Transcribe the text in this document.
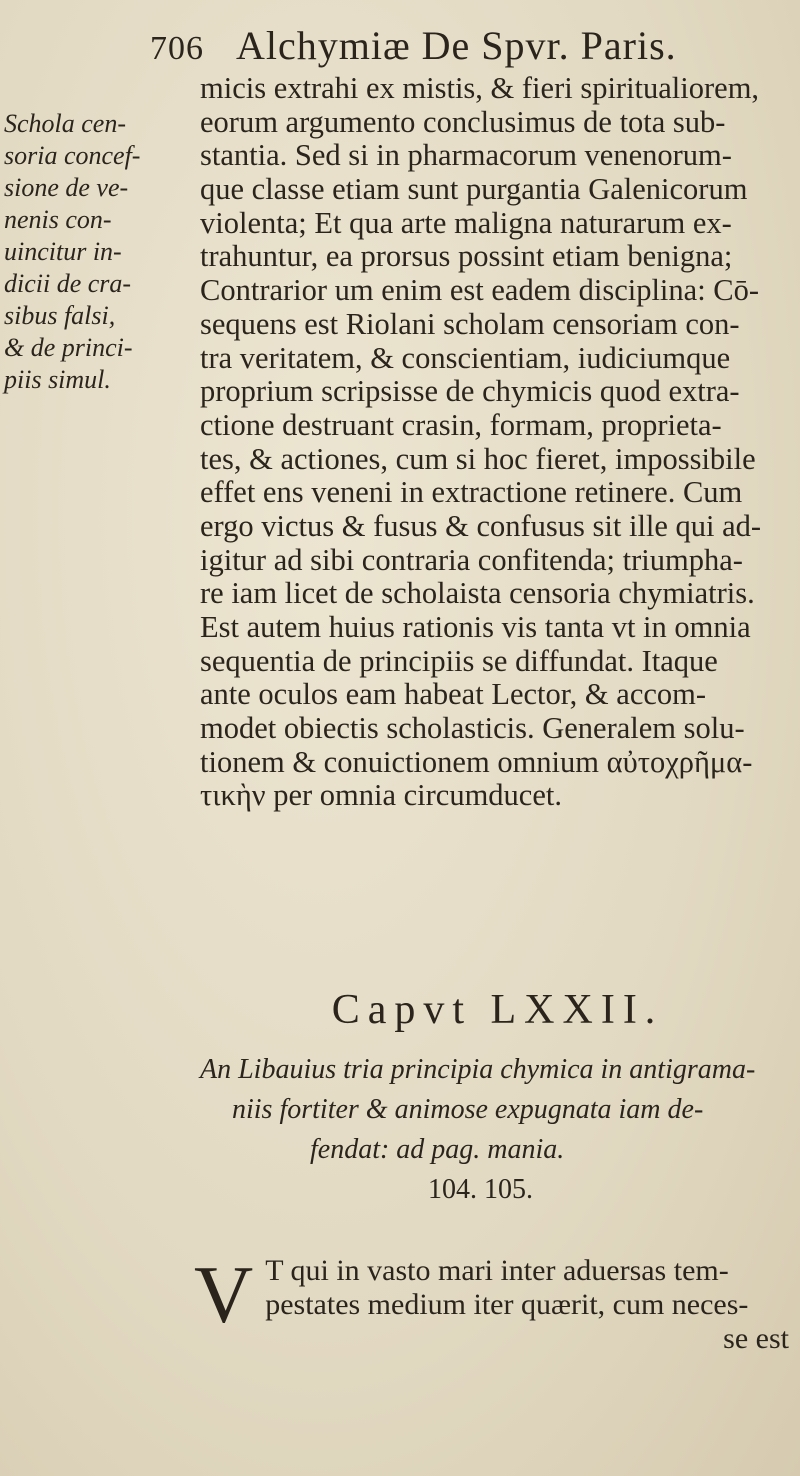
706 Alchymiæ De Spvr. Paris.
Schola cen-
soria concef-
sione de ve-
nenis con-
uincitur in-
dicii de cra-
sibus falsi,
& de princi-
piis simul.
micis extrahi ex mistis, & fieri spiritualiorem,
eorum argumento conclusimus de tota sub-
stantia. Sed si in pharmacorum venenorum-
que classe etiam sunt purgantia Galenicorum
violenta; Et qua arte maligna naturarum ex-
trahuntur, ea prorsus possint etiam benigna;
Contrarior um enim est eadem disciplina: Cō-
sequens est Riolani scholam censoriam con-
tra veritatem, & conscientiam, iudiciumque
proprium scripsisse de chymicis quod extra-
ctione destruant crasin, formam, proprieta-
tes, & actiones, cum si hoc fieret, impossibile
effet ens veneni in extractione retinere. Cum
ergo victus & fusus & confusus sit ille qui ad-
igitur ad sibi contraria confitenda; triumpha-
re iam licet de scholaista censoria chymiatris.
Est autem huius rationis vis tanta vt in omnia
sequentia de principiis se diffundat. Itaque
ante oculos eam habeat Lector, & accom-
modet obiectis scholasticis. Generalem solu-
tionem & conuictionem omnium αὐτοχρῆμα-
τικὴν per omnia circumducet.
Capvt LXXII.
An Libauius tria principia chymica in antigrama-
niis fortiter & animose expugnata iam de-
fendat: ad pag. mania.
104. 105.
V T qui in vasto mari inter aduersas tem-
pestates medium iter quærit, cum neces-
se est
